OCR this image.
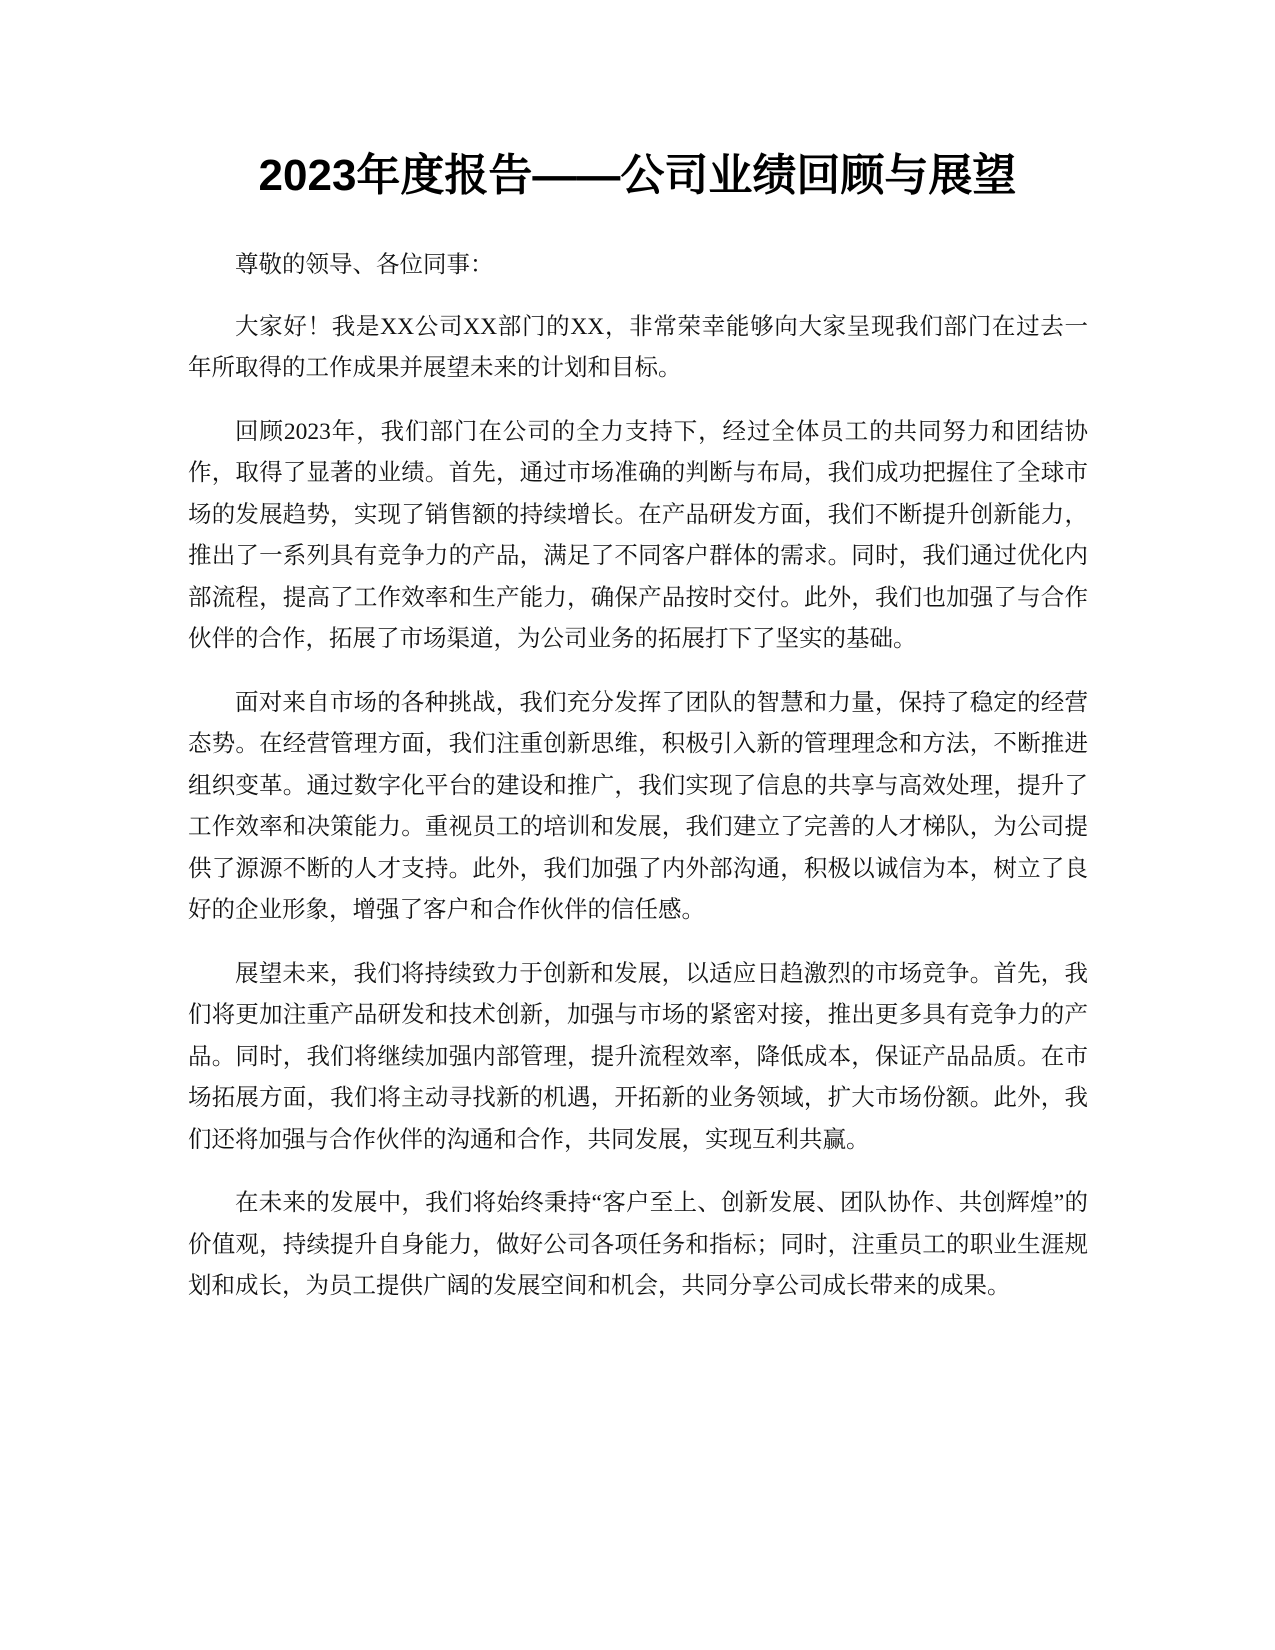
2023年度报告——公司业绩回顾与展望

尊敬的领导、各位同事：

大家好！我是XX公司XX部门的XX，非常荣幸能够向大家呈现我们部门在过去一年所取得的工作成果并展望未来的计划和目标。

回顾2023年，我们部门在公司的全力支持下，经过全体员工的共同努力和团结协作，取得了显著的业绩。首先，通过市场准确的判断与布局，我们成功把握住了全球市场的发展趋势，实现了销售额的持续增长。在产品研发方面，我们不断提升创新能力，推出了一系列具有竞争力的产品，满足了不同客户群体的需求。同时，我们通过优化内部流程，提高了工作效率和生产能力，确保产品按时交付。此外，我们也加强了与合作伙伴的合作，拓展了市场渠道，为公司业务的拓展打下了坚实的基础。

面对来自市场的各种挑战，我们充分发挥了团队的智慧和力量，保持了稳定的经营态势。在经营管理方面，我们注重创新思维，积极引入新的管理理念和方法，不断推进组织变革。通过数字化平台的建设和推广，我们实现了信息的共享与高效处理，提升了工作效率和决策能力。重视员工的培训和发展，我们建立了完善的人才梯队，为公司提供了源源不断的人才支持。此外，我们加强了内外部沟通，积极以诚信为本，树立了良好的企业形象，增强了客户和合作伙伴的信任感。

展望未来，我们将持续致力于创新和发展，以适应日趋激烈的市场竞争。首先，我们将更加注重产品研发和技术创新，加强与市场的紧密对接，推出更多具有竞争力的产品。同时，我们将继续加强内部管理，提升流程效率，降低成本，保证产品品质。在市场拓展方面，我们将主动寻找新的机遇，开拓新的业务领域，扩大市场份额。此外，我们还将加强与合作伙伴的沟通和合作，共同发展，实现互利共赢。

在未来的发展中，我们将始终秉持“客户至上、创新发展、团队协作、共创辉煌”的价值观，持续提升自身能力，做好公司各项任务和指标；同时，注重员工的职业生涯规划和成长，为员工提供广阔的发展空间和机会，共同分享公司成长带来的成果。
